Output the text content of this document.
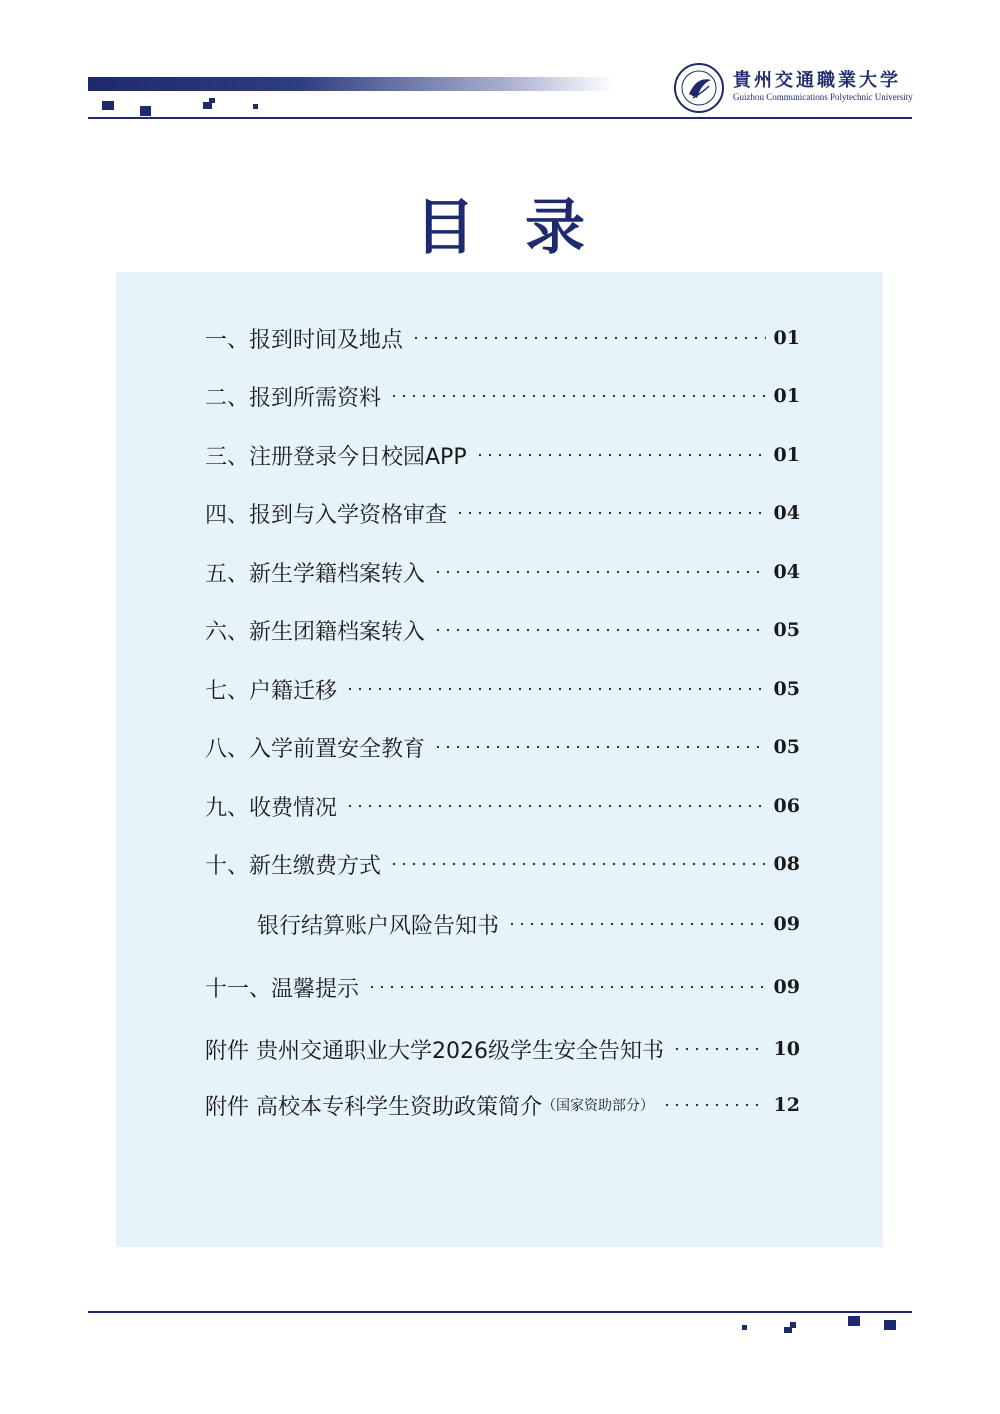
貴州交通職業大学
Guizhou Communications Polytechnic University
目录
一、报到时间及地点	01
二、报到所需资料	01
三、注册登录今日校园APP	01
四、报到与入学资格审查	04
五、新生学籍档案转入	04
六、新生团籍档案转入	05
七、户籍迁移	05
八、入学前置安全教育	05
九、收费情况	06
十、新生缴费方式	08
银行结算账户风险告知书	09
十一、温馨提示	09
附件 贵州交通职业大学2026级学生安全告知书	10
附件 高校本专科学生资助政策简介 （国家资助部分）	12
